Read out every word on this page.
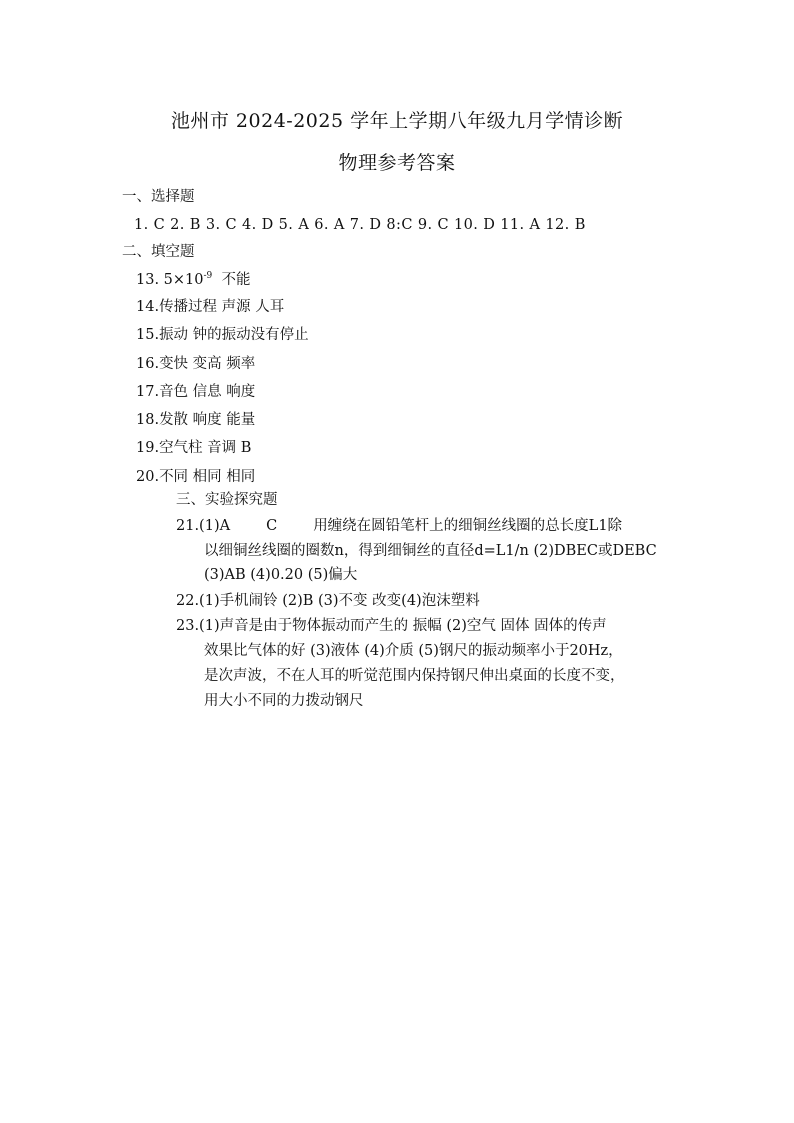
池州市 2024-2025 学年上学期八年级九月学情诊断
物理参考答案
一、选择题
1. C 2. B 3. C 4. D 5. A 6. A 7. D 8:C 9. C 10. D 11. A 12. B
二、填空题
13. $5\times 10^{-9}$  不能
14.传播过程 声源 人耳
15.振动 钟的振动没有停止
16.变快 变高 频率
17.音色 信息 响度
18.发散 响度 能量
19.空气柱 音调 B
20.不同 相同 相同
三、实验探究题
21.(1)A C 用缠绕在圆铅笔杆上的细铜丝线圈的总长度L1除
以细铜丝线圈的圈数n，得到细铜丝的直径d=L1/n (2)DBEC或DEBC
(3)AB (4)0.20 (5)偏大
22.(1)手机闹铃 (2)B (3)不变 改变(4)泡沫塑料
23.(1)声音是由于物体振动而产生的 振幅 (2)空气 固体 固体的传声
效果比气体的好 (3)液体 (4)介质 (5)钢尺的振动频率小于20Hz，
是次声波，不在人耳的听觉范围内保持钢尺伸出桌面的长度不变，
用大小不同的力拨动钢尺
